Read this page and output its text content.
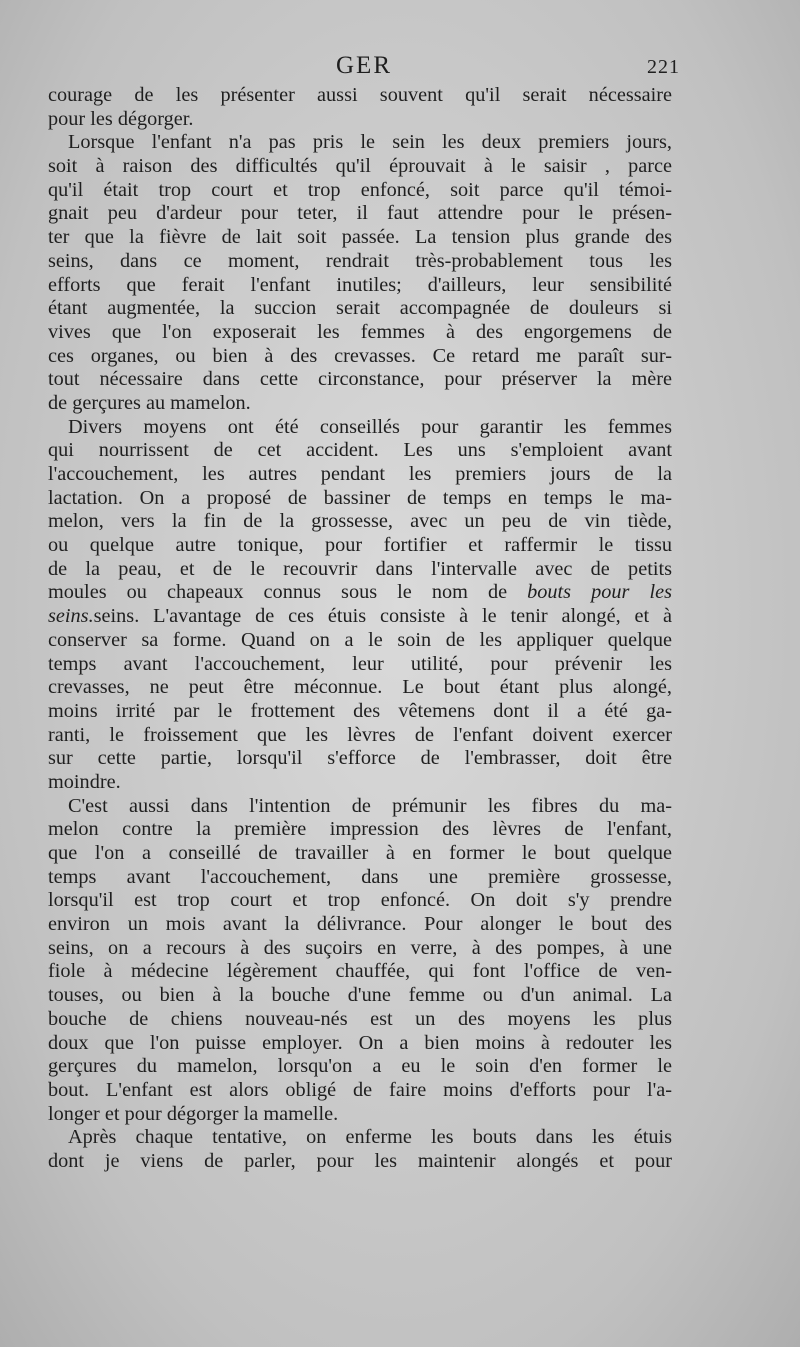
GER	221
courage de les présenter aussi souvent qu'il serait nécessaire
pour les dégorger.
Lorsque l'enfant n'a pas pris le sein les deux premiers jours,
soit à raison des difficultés qu'il éprouvait à le saisir , parce
qu'il était trop court et trop enfoncé, soit parce qu'il témoi-
gnait peu d'ardeur pour teter, il faut attendre pour le présen-
ter que la fièvre de lait soit passée. La tension plus grande des
seins, dans ce moment, rendrait très-probablement tous les
efforts que ferait l'enfant inutiles; d'ailleurs, leur sensibilité
étant augmentée, la succion serait accompagnée de douleurs si
vives que l'on exposerait les femmes à des engorgemens de
ces organes, ou bien à des crevasses. Ce retard me paraît sur-
tout nécessaire dans cette circonstance, pour préserver la mère
de gerçures au mamelon.
Divers moyens ont été conseillés pour garantir les femmes
qui nourrissent de cet accident. Les uns s'emploient avant
l'accouchement, les autres pendant les premiers jours de la
lactation. On a proposé de bassiner de temps en temps le ma-
melon, vers la fin de la grossesse, avec un peu de vin tiède,
ou quelque autre tonique, pour fortifier et raffermir le tissu
de la peau, et de le recouvrir dans l'intervalle avec de petits
moules ou chapeaux connus sous le nom de bouts pour les
seins.seins. L'avantage de ces étuis consiste à le tenir alongé, et à
conserver sa forme. Quand on a le soin de les appliquer quelque
temps avant l'accouchement, leur utilité, pour prévenir les
crevasses, ne peut être méconnue. Le bout étant plus alongé,
moins irrité par le frottement des vêtemens dont il a été ga-
ranti, le froissement que les lèvres de l'enfant doivent exercer
sur cette partie, lorsqu'il s'efforce de l'embrasser, doit être
moindre.
C'est aussi dans l'intention de prémunir les fibres du ma-
melon contre la première impression des lèvres de l'enfant,
que l'on a conseillé de travailler à en former le bout quelque
temps avant l'accouchement, dans une première grossesse,
lorsqu'il est trop court et trop enfoncé. On doit s'y prendre
environ un mois avant la délivrance. Pour alonger le bout des
seins, on a recours à des suçoirs en verre, à des pompes, à une
fiole à médecine légèrement chauffée, qui font l'office de ven-
touses, ou bien à la bouche d'une femme ou d'un animal. La
bouche de chiens nouveau-nés est un des moyens les plus
doux que l'on puisse employer. On a bien moins à redouter les
gerçures du mamelon, lorsqu'on a eu le soin d'en former le
bout. L'enfant est alors obligé de faire moins d'efforts pour l'a-
longer et pour dégorger la mamelle.
Après chaque tentative, on enferme les bouts dans les étuis
dont je viens de parler, pour les maintenir alongés et pour
